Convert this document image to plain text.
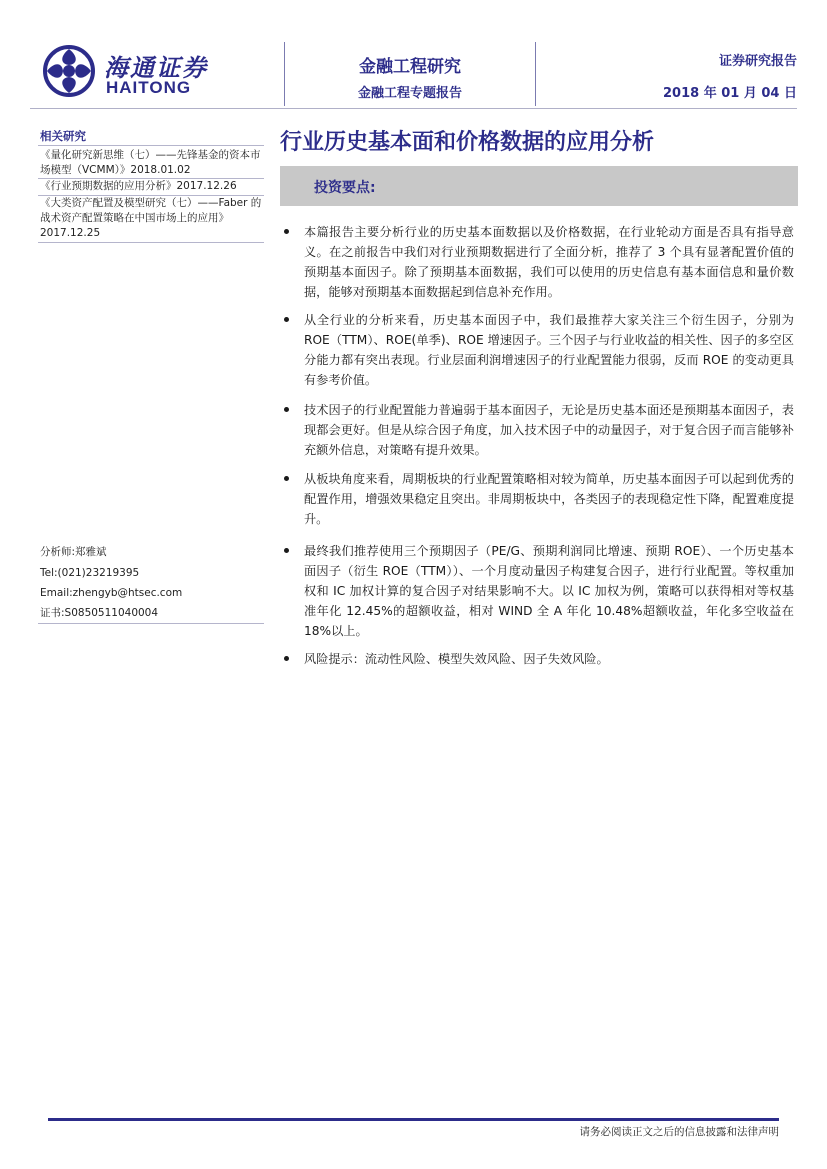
海通证券
HAITONG
金融工程研究
金融工程专题报告
证券研究报告
2018 年 01 月 04 日
相关研究
《量化研究新思维（七）——先锋基金的资本市场模型（VCMM）》2018.01.02
《行业预期数据的应用分析》2017.12.26
《大类资产配置及模型研究（七）——Faber 的战术资产配置策略在中国市场上的应用》2017.12.25
分析师:郑雅斌
Tel:(021)23219395
Email:zhengyb@htsec.com
证书:S0850511040004
行业历史基本面和价格数据的应用分析
投资要点:
本篇报告主要分析行业的历史基本面数据以及价格数据，在行业轮动方面是否具有指导意义。在之前报告中我们对行业预期数据进行了全面分析，推荐了 3 个具有显著配置价值的预期基本面因子。除了预期基本面数据，我们可以使用的历史信息有基本面信息和量价数据，能够对预期基本面数据起到信息补充作用。
从全行业的分析来看，历史基本面因子中，我们最推荐大家关注三个衍生因子，分别为 ROE（TTM）、ROE(单季)、ROE 增速因子。三个因子与行业收益的相关性、因子的多空区分能力都有突出表现。行业层面利润增速因子的行业配置能力很弱，反而 ROE 的变动更具有参考价值。
技术因子的行业配置能力普遍弱于基本面因子，无论是历史基本面还是预期基本面因子，表现都会更好。但是从综合因子角度，加入技术因子中的动量因子，对于复合因子而言能够补充额外信息，对策略有提升效果。
从板块角度来看，周期板块的行业配置策略相对较为简单，历史基本面因子可以起到优秀的配置作用，增强效果稳定且突出。非周期板块中，各类因子的表现稳定性下降，配置难度提升。
最终我们推荐使用三个预期因子（PE/G、预期利润同比增速、预期 ROE）、一个历史基本面因子（衍生 ROE（TTM））、一个月度动量因子构建复合因子，进行行业配置。等权重加权和 IC 加权计算的复合因子对结果影响不大。以 IC 加权为例，策略可以获得相对等权基准年化 12.45%的超额收益，相对 WIND 全 A 年化 10.48%超额收益，年化多空收益在 18%以上。
风险提示：流动性风险、模型失效风险、因子失效风险。
请务必阅读正文之后的信息披露和法律声明
